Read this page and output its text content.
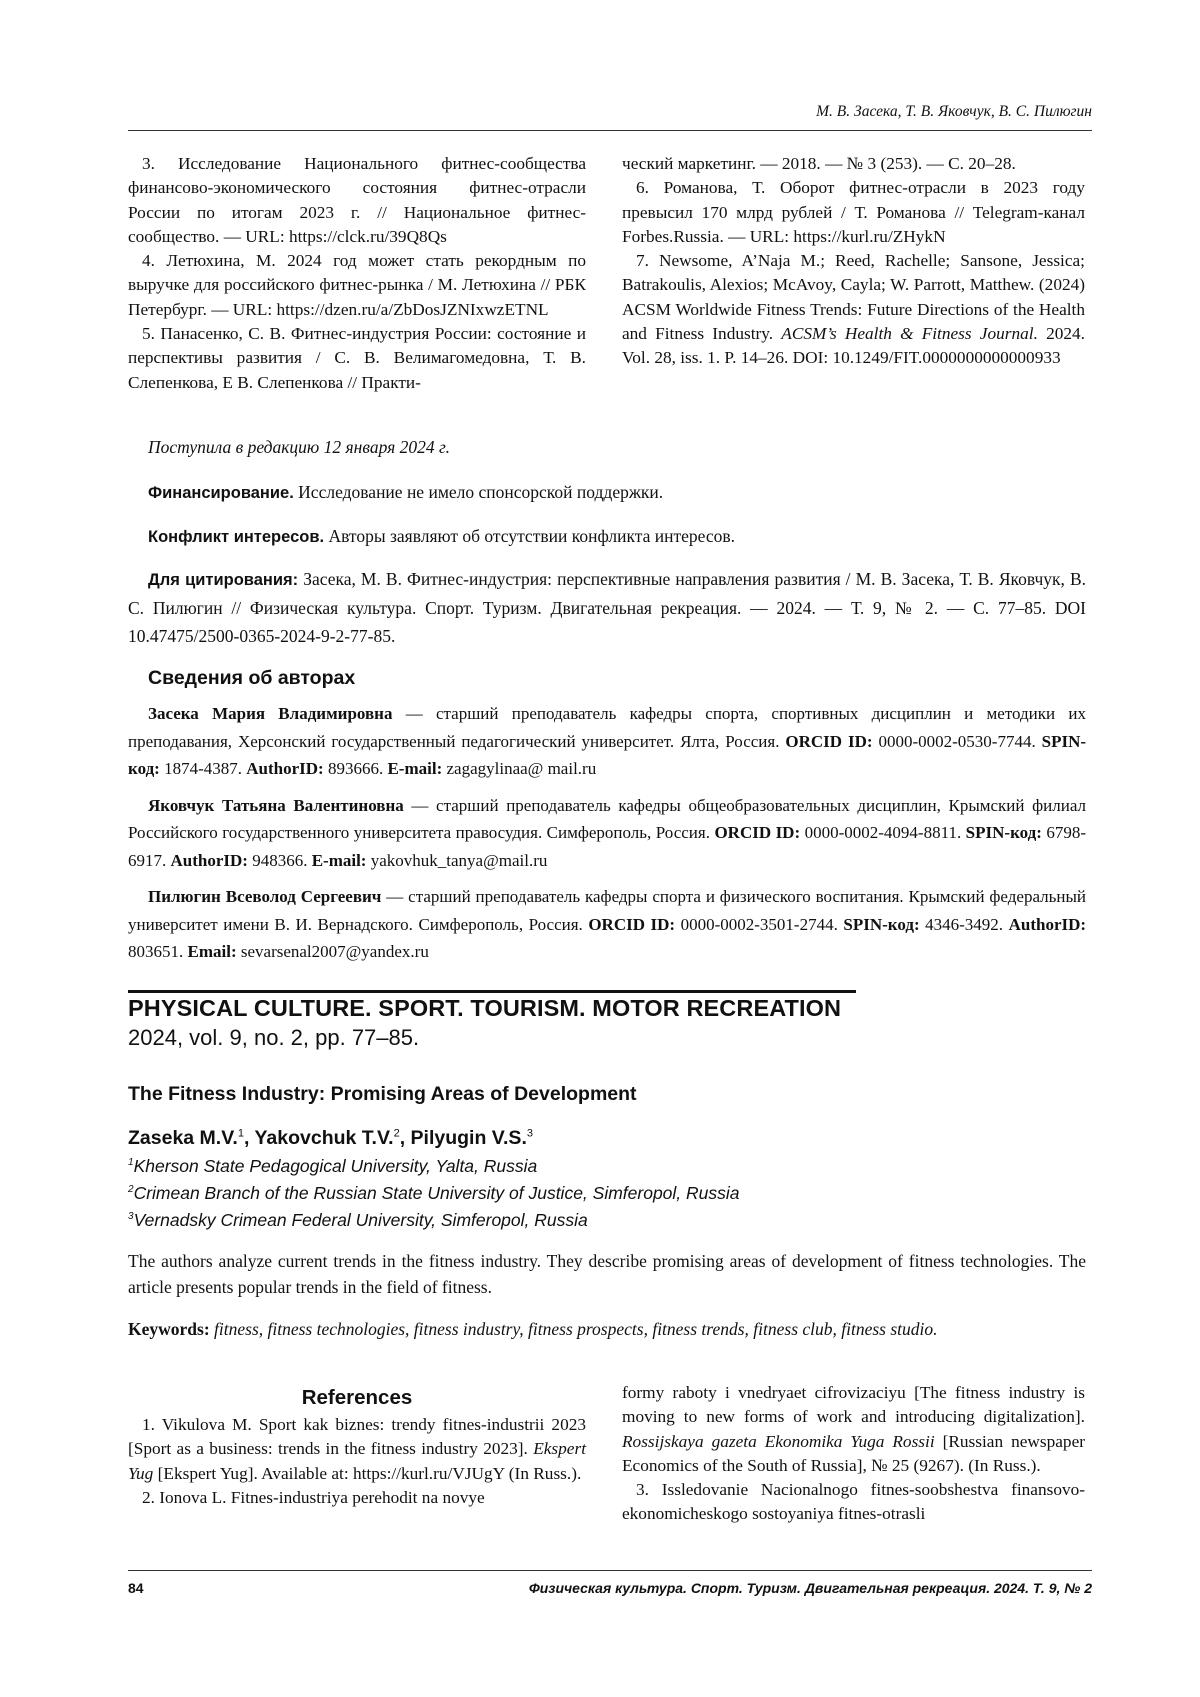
М. В. Засека, Т. В. Яковчук, В. С. Пилюгин

3. Исследование Национального фитнес-сообщества финансово-экономического состояния фитнес-отрасли России по итогам 2023 г. // Национальное фитнес-сообщество. — URL: https://clck.ru/39Q8Qs

4. Летюхина, М. 2024 год может стать рекордным по выручке для российского фитнес-рынка / М. Летюхина // РБК Петербург. — URL: https://dzen.ru/a/ZbDosJZNIxwzETNL

5. Панасенко, С. В. Фитнес-индустрия России: состояние и перспективы развития / С. В. Велимагомедовна, Т. В. Слепенкова, Е В. Слепенкова // Практи-

ческий маркетинг. — 2018. — № 3 (253). — С. 20–28.

6. Романова, Т. Оборот фитнес-отрасли в 2023 году превысил 170 млрд рублей / Т. Романова // Telegram-канал Forbes.Russia. — URL: https://kurl.ru/ZHykN

7. Newsome, A’Naja M.; Reed, Rachelle; Sansone, Jessica; Batrakoulis, Alexios; McAvoy, Cayla; W. Parrott, Matthew. (2024) ACSM Worldwide Fitness Trends: Future Directions of the Health and Fitness Industry. ACSM’s Health & Fitness Journal. 2024. Vol. 28, iss. 1. P. 14–26. DOI: 10.1249/FIT.0000000000000933

Поступила в редакцию 12 января 2024 г.

Финансирование. Исследование не имело спонсорской поддержки.

Конфликт интересов. Авторы заявляют об отсутствии конфликта интересов.

Для цитирования: Засека, М. В. Фитнес-индустрия: перспективные направления развития / М. В. Засека, Т. В. Яковчук, В. С. Пилюгин // Физическая культура. Спорт. Туризм. Двигательная рекреация. — 2024. — Т. 9, № 2. — С. 77–85. DOI 10.47475/2500-0365-2024-9-2-77-85.

Сведения об авторах

Засека Мария Владимировна — старший преподаватель кафедры спорта, спортивных дисциплин и методики их преподавания, Херсонский государственный педагогический университет. Ялта, Россия. ORCID ID: 0000-0002-0530-7744. SPIN-код: 1874-4387. AuthorID: 893666. E-mail: zagagylinaa@ mail.ru

Яковчук Татьяна Валентиновна — старший преподаватель кафедры общеобразовательных дисциплин, Крымский филиал Российского государственного университета правосудия. Симферополь, Россия. ORCID ID: 0000-0002-4094-8811. SPIN-код: 6798-6917. AuthorID: 948366. E-mail: yakovhuk_tanya@mail.ru

Пилюгин Всеволод Сергеевич — старший преподаватель кафедры спорта и физического воспитания. Крымский федеральный университет имени В. И. Вернадского. Симферополь, Россия. ORCID ID: 0000-0002-3501-2744. SPIN-код: 4346-3492. AuthorID: 803651. Email: sevarsenal2007@yandex.ru

PHYSICAL CULTURE. SPORT. TOURISM. MOTOR RECREATION
2024, vol. 9, no. 2, pp. 77–85.
The Fitness Industry: Promising Areas of Development
Zaseka M.V.$^1$, Yakovchuk T.V.$^2$, Pilyugin V.S.$^3$
$^1$Kherson State Pedagogical University, Yalta, Russia
$^2$Crimean Branch of the Russian State University of Justice, Simferopol, Russia
$^3$Vernadsky Crimean Federal University, Simferopol, Russia

The authors analyze current trends in the fitness industry. They describe promising areas of development of fitness technologies. The article presents popular trends in the field of fitness.

Keywords: fitness, fitness technologies, fitness industry, fitness prospects, fitness trends, fitness club, fitness studio.
References

1. Vikulova M. Sport kak biznes: trendy fitnes-industrii 2023 [Sport as a business: trends in the fitness industry 2023]. Ekspert Yug [Ekspert Yug]. Available at: https://kurl.ru/VJUgY (In Russ.).

2. Ionova L. Fitnes-industriya perehodit na novye

formy raboty i vnedryaet cifrovizaciyu [The fitness industry is moving to new forms of work and introducing digitalization]. Rossijskaya gazeta Ekonomika Yuga Rossii [Russian newspaper Economics of the South of Russia], № 25 (9267). (In Russ.).

3. Issledovanie Nacionalnogo fitnes-soobshestva finansovo-ekonomicheskogo sostoyaniya fitnes-otrasli

84	Физическая культура. Спорт. Туризм. Двигательная рекреация. 2024. Т. 9, № 2
